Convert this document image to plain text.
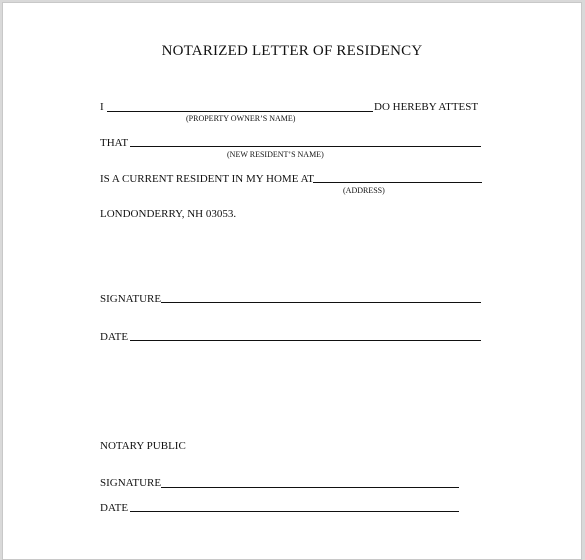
NOTARIZED LETTER OF RESIDENCY
I	DO HEREBY ATTEST
(PROPERTY OWNER’S NAME)
THAT
(NEW RESIDENT’S NAME)
IS A CURRENT RESIDENT IN MY HOME AT
(ADDRESS)
LONDONDERRY, NH 03053.
SIGNATURE
DATE
NOTARY PUBLIC
SIGNATURE
DATE
